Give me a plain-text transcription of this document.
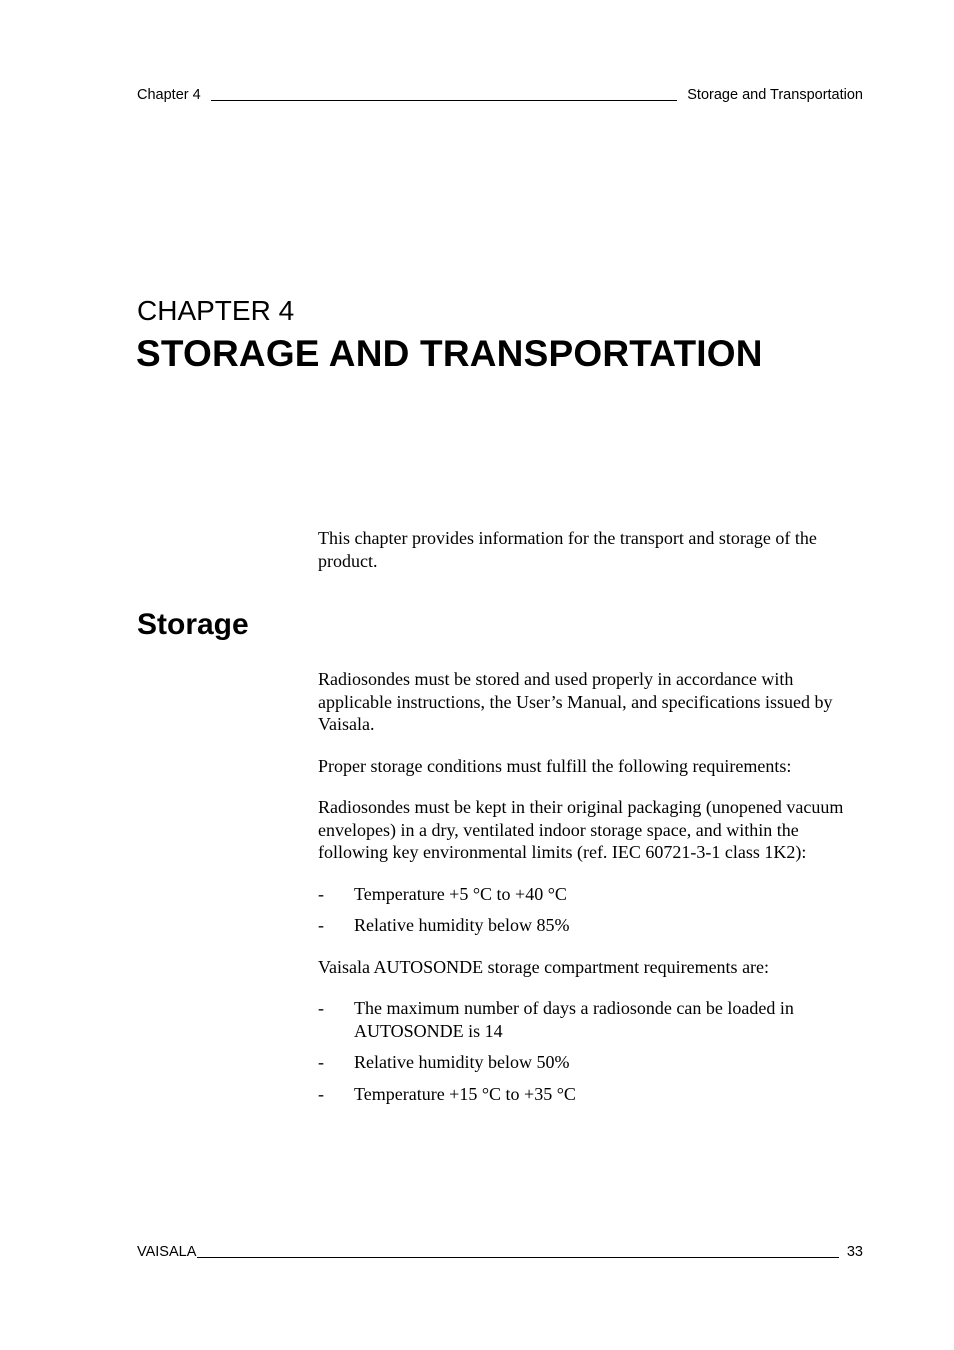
Chapter 4	Storage and Transportation
CHAPTER 4
STORAGE AND TRANSPORTATION

This chapter provides information for the transport and storage of the product.

Storage

Radiosondes must be stored and used properly in accordance with applicable instructions, the User’s Manual, and specifications issued by Vaisala.

Proper storage conditions must fulfill the following requirements:

Radiosondes must be kept in their original packaging (unopened vacuum envelopes) in a dry, ventilated indoor storage space, and within the following key environmental limits (ref. IEC 60721-3-1 class 1K2):

-	Temperature +5 °C to +40 °C
-	Relative humidity below 85%

Vaisala AUTOSONDE storage compartment requirements are:

-	The maximum number of days a radiosonde can be loaded in AUTOSONDE is 14
-	Relative humidity below 50%
-	Temperature +15 °C to +35 °C
VAISALA	33
